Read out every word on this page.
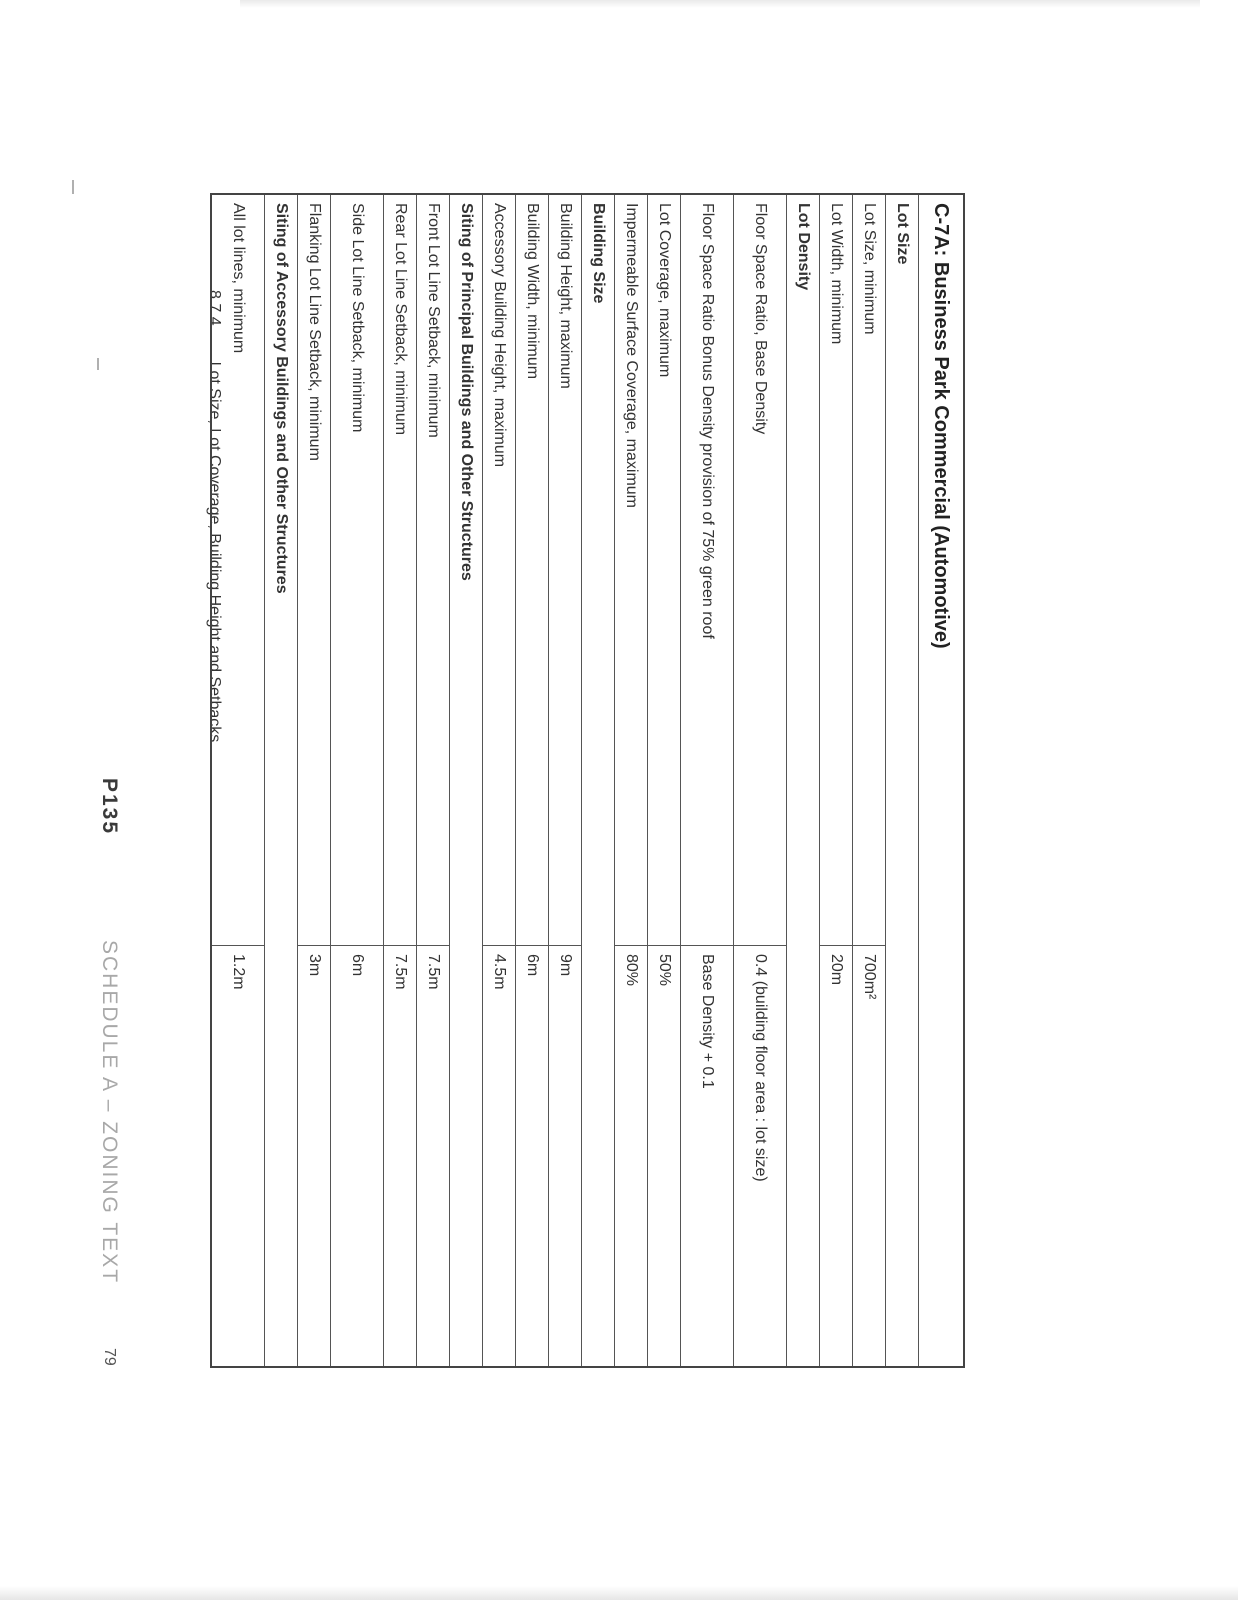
P135
SCHEDULE A – ZONING TEXT
79
8.7.4Lot Size, Lot Coverage, Building Height and Setbacks	C-7A: Business Park Commercial (Automotive)	
Lot Size	
Lot Size, minimum	700m²
Lot Width, minimum	20m
Lot Density	
Floor Space Ratio, Base Density	0.4 (building floor area : lot size)
Floor Space Ratio Bonus Density provision of 75% green roof	Base Density + 0.1
Lot Coverage, maximum	50%
Impermeable Surface Coverage, maximum	80%
Building Size	
Building Height, maximum	9m
Building Width, minimum	6m
Accessory Building Height, maximum	4.5m
Siting of Principal Buildings and Other Structures	
Front Lot Line Setback, minimum	7.5m
Rear Lot Line Setback, minimum	7.5m
Side Lot Line Setback, minimum	6m
Flanking Lot Line Setback, minimum	3m
Siting of Accessory Buildings and Other Structures	
All lot lines, minimum	1.2m
